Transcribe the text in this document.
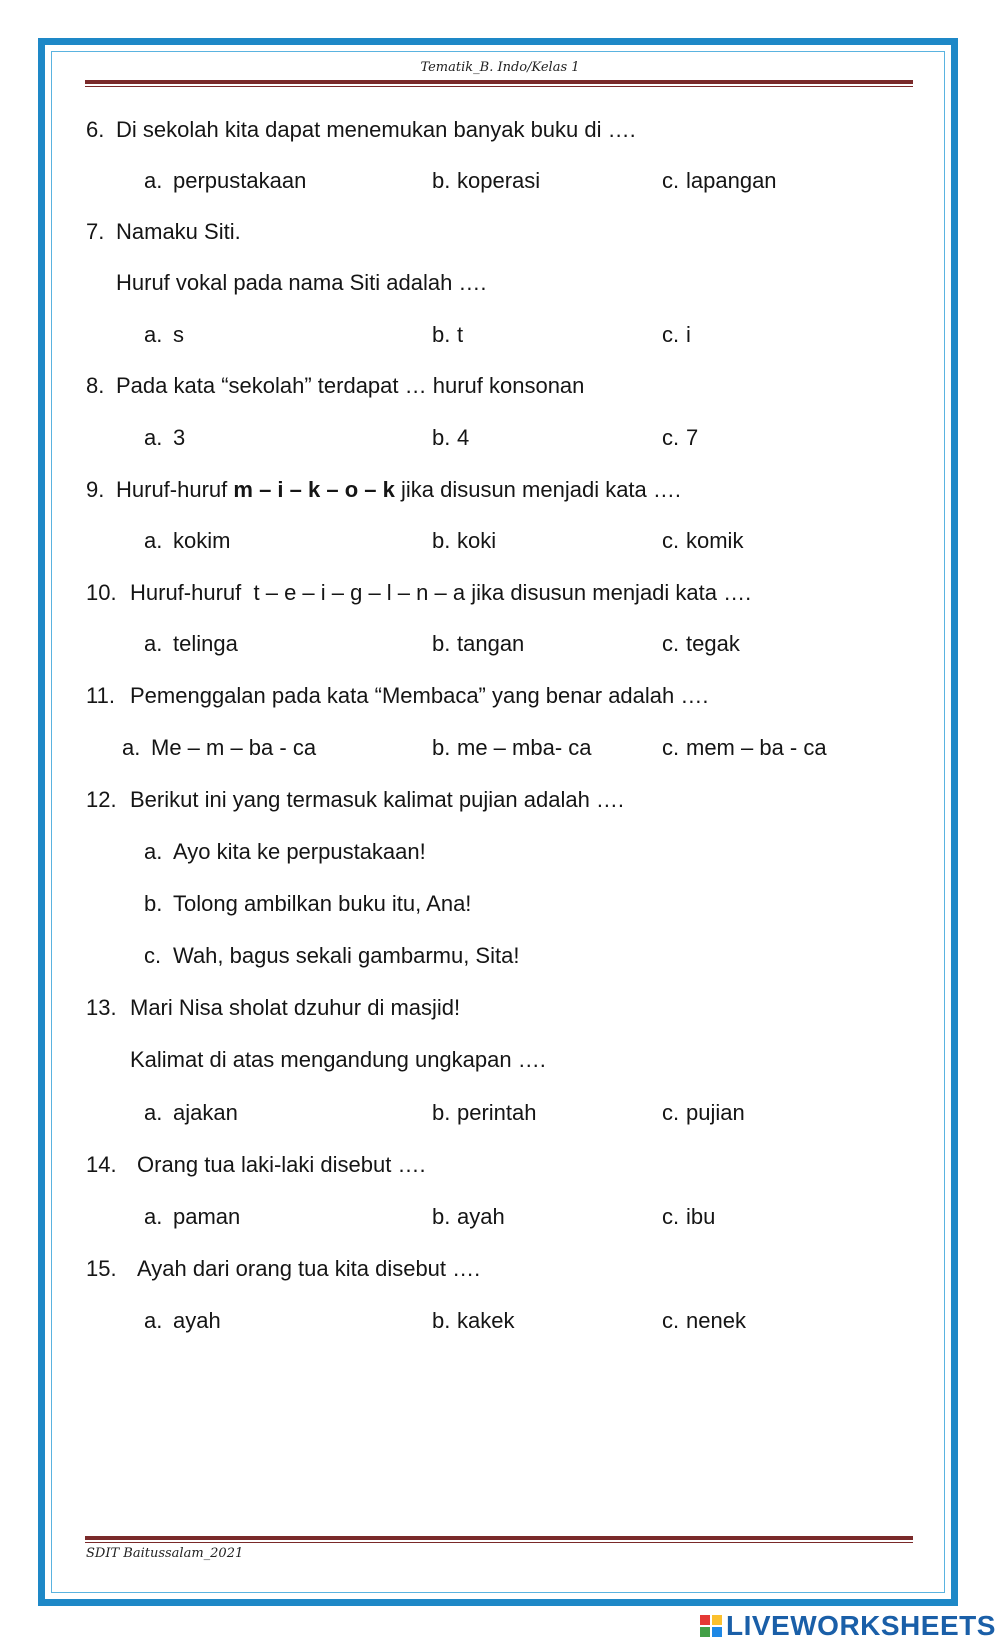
Tematik_B. Indo/Kelas 1
6. Di sekolah kita dapat menemukan banyak buku di ….
a. perpustakaan	b. koperasi	c. lapangan
7. Namaku Siti.
Huruf vokal pada nama Siti adalah ….
a. s	b. t	c. i
8. Pada kata “sekolah” terdapat … huruf konsonan
a. 3	b. 4	c. 7
9. Huruf-huruf m – i – k – o – k jika disusun menjadi kata ….
a. kokim	b. koki	c. komik
10. Huruf-huruf  t – e – i – g – l – n – a jika disusun menjadi kata ….
a. telinga	b. tangan	c. tegak
11. Pemenggalan pada kata “Membaca” yang benar adalah ….
a. Me – m – ba - ca	b. me – mba- ca	c. mem – ba - ca
12. Berikut ini yang termasuk kalimat pujian adalah ….
a. Ayo kita ke perpustakaan!
b. Tolong ambilkan buku itu, Ana!
c. Wah, bagus sekali gambarmu, Sita!
13. Mari Nisa sholat dzuhur di masjid!
Kalimat di atas mengandung ungkapan ….
a. ajakan	b. perintah	c. pujian
14. Orang tua laki-laki disebut ….
a. paman	b. ayah	c. ibu
15. Ayah dari orang tua kita disebut ….
a. ayah	b. kakek	c. nenek
SDIT Baitussalam_2021
LIVEWORKSHEETS
